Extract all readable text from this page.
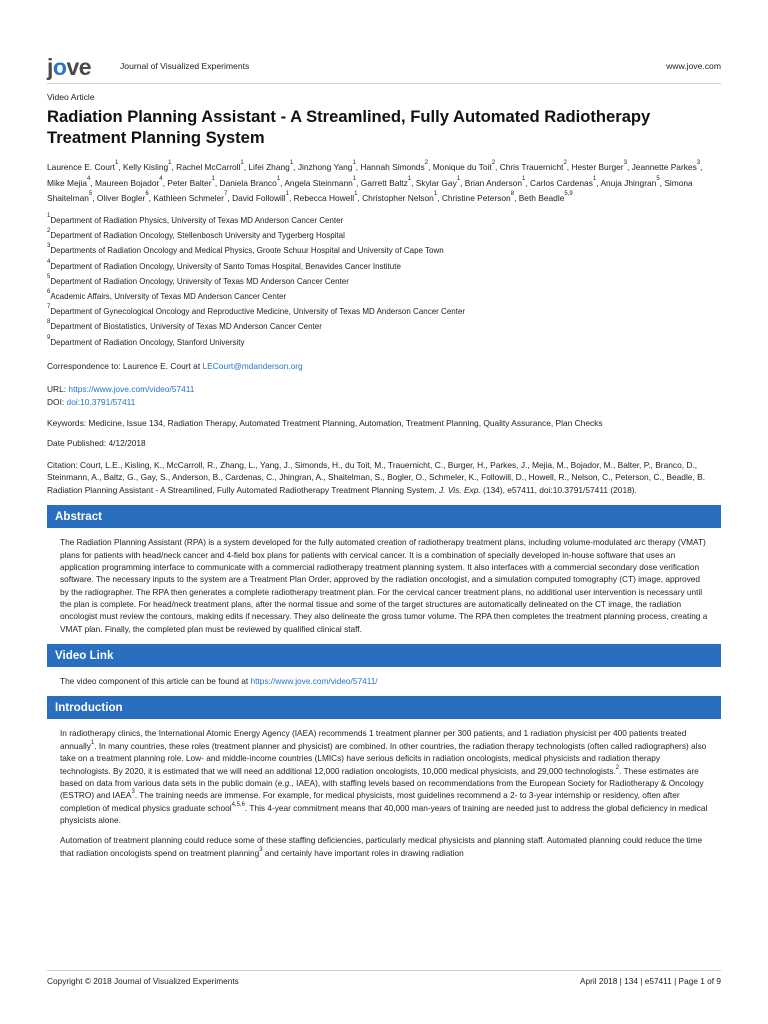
jove	Journal of Visualized Experiments	www.jove.com
Video Article
Radiation Planning Assistant - A Streamlined, Fully Automated Radiotherapy Treatment Planning System
Laurence E. Court$^1$, Kelly Kisling$^1$, Rachel McCarroll$^1$, Lifei Zhang$^1$, Jinzhong Yang$^1$, Hannah Simonds$^2$, Monique du Toit$^2$, Chris Trauernicht$^2$, Hester Burger$^3$, Jeannette Parkes$^3$, Mike Mejia$^4$, Maureen Bojador$^4$, Peter Balter$^1$, Daniela Branco$^1$, Angela Steinmann$^1$, Garrett Baltz$^1$, Skylar Gay$^1$, Brian Anderson$^1$, Carlos Cardenas$^1$, Anuja Jhingran$^5$, Simona Shaitelman$^5$, Oliver Bogler$^6$, Kathleen Schmeler$^7$, David Followill$^1$, Rebecca Howell$^1$, Christopher Nelson$^1$, Christine Peterson$^8$, Beth Beadle$^{5,9}$
$^1$Department of Radiation Physics, University of Texas MD Anderson Cancer Center
$^2$Department of Radiation Oncology, Stellenbosch University and Tygerberg Hospital
$^3$Departments of Radiation Oncology and Medical Physics, Groote Schuur Hospital and University of Cape Town
$^4$Department of Radiation Oncology, University of Santo Tomas Hospital, Benavides Cancer Institute
$^5$Department of Radiation Oncology, University of Texas MD Anderson Cancer Center
$^6$Academic Affairs, University of Texas MD Anderson Cancer Center
$^7$Department of Gynecological Oncology and Reproductive Medicine, University of Texas MD Anderson Cancer Center
$^8$Department of Biostatistics, University of Texas MD Anderson Cancer Center
$^9$Department of Radiation Oncology, Stanford University
Correspondence to: Laurence E. Court at LECourt@mdanderson.org
URL: https://www.jove.com/video/57411
DOI: doi:10.3791/57411
Keywords: Medicine, Issue 134, Radiation Therapy, Automated Treatment Planning, Automation, Treatment Planning, Quality Assurance, Plan Checks
Date Published: 4/12/2018
Citation: Court, L.E., Kisling, K., McCarroll, R., Zhang, L., Yang, J., Simonds, H., du Toit, M., Trauernicht, C., Burger, H., Parkes, J., Mejia, M., Bojador, M., Balter, P., Branco, D., Steinmann, A., Baltz, G., Gay, S., Anderson, B., Cardenas, C., Jhingran, A., Shaitelman, S., Bogler, O., Schmeler, K., Followill, D., Howell, R., Nelson, C., Peterson, C., Beadle, B. Radiation Planning Assistant - A Streamlined, Fully Automated Radiotherapy Treatment Planning System. J. Vis. Exp. (134), e57411, doi:10.3791/57411 (2018).
Abstract
The Radiation Planning Assistant (RPA) is a system developed for the fully automated creation of radiotherapy treatment plans, including volume-modulated arc therapy (VMAT) plans for patients with head/neck cancer and 4-field box plans for patients with cervical cancer. It is a combination of specially developed in-house software that uses an application programming interface to communicate with a commercial radiotherapy treatment planning system. It also interfaces with a commercial secondary dose verification software. The necessary inputs to the system are a Treatment Plan Order, approved by the radiation oncologist, and a simulation computed tomography (CT) image, approved by the radiographer. The RPA then generates a complete radiotherapy treatment plan. For the cervical cancer treatment plans, no additional user intervention is necessary until the plan is complete. For head/neck treatment plans, after the normal tissue and some of the target structures are automatically delineated on the CT image, the radiation oncologist must review the contours, making edits if necessary. They also delineate the gross tumor volume. The RPA then completes the treatment planning process, creating a VMAT plan. Finally, the completed plan must be reviewed by qualified clinical staff.
Video Link
The video component of this article can be found at https://www.jove.com/video/57411/
Introduction
In radiotherapy clinics, the International Atomic Energy Agency (IAEA) recommends 1 treatment planner per 300 patients, and 1 radiation physicist per 400 patients treated annually$^1$. In many countries, these roles (treatment planner and physicist) are combined. In other countries, the radiation therapy technologists (often called radiographers) also take on a treatment planning role. Low- and middle-income countries (LMICs) have serious deficits in radiation oncologists, medical physicists and radiation therapy technologists. By 2020, it is estimated that we will need an additional 12,000 radiation oncologists, 10,000 medical physicists, and 29,000 technologists.$^2$. These estimates are based on data from various data sets in the public domain (e.g., IAEA), with staffing levels based on recommendations from the European Society for Radiotherapy & Oncology (ESTRO) and IAEA$^3$. The training needs are immense. For example, for medical physicists, most guidelines recommend a 2- to 3-year internship or residency, often after completion of medical physics graduate school$^{4,5,6}$. This 4-year commitment means that 40,000 man-years of training are needed just to address the global deficiency in medical physicists alone.
Automation of treatment planning could reduce some of these staffing deficiencies, particularly medical physicists and planning staff. Automated planning could reduce the time that radiation oncologists spend on treatment planning$^3$ and certainly have important roles in drawing radiation
Copyright © 2018 Journal of Visualized Experiments	April 2018 | 134 | e57411 | Page 1 of 9
